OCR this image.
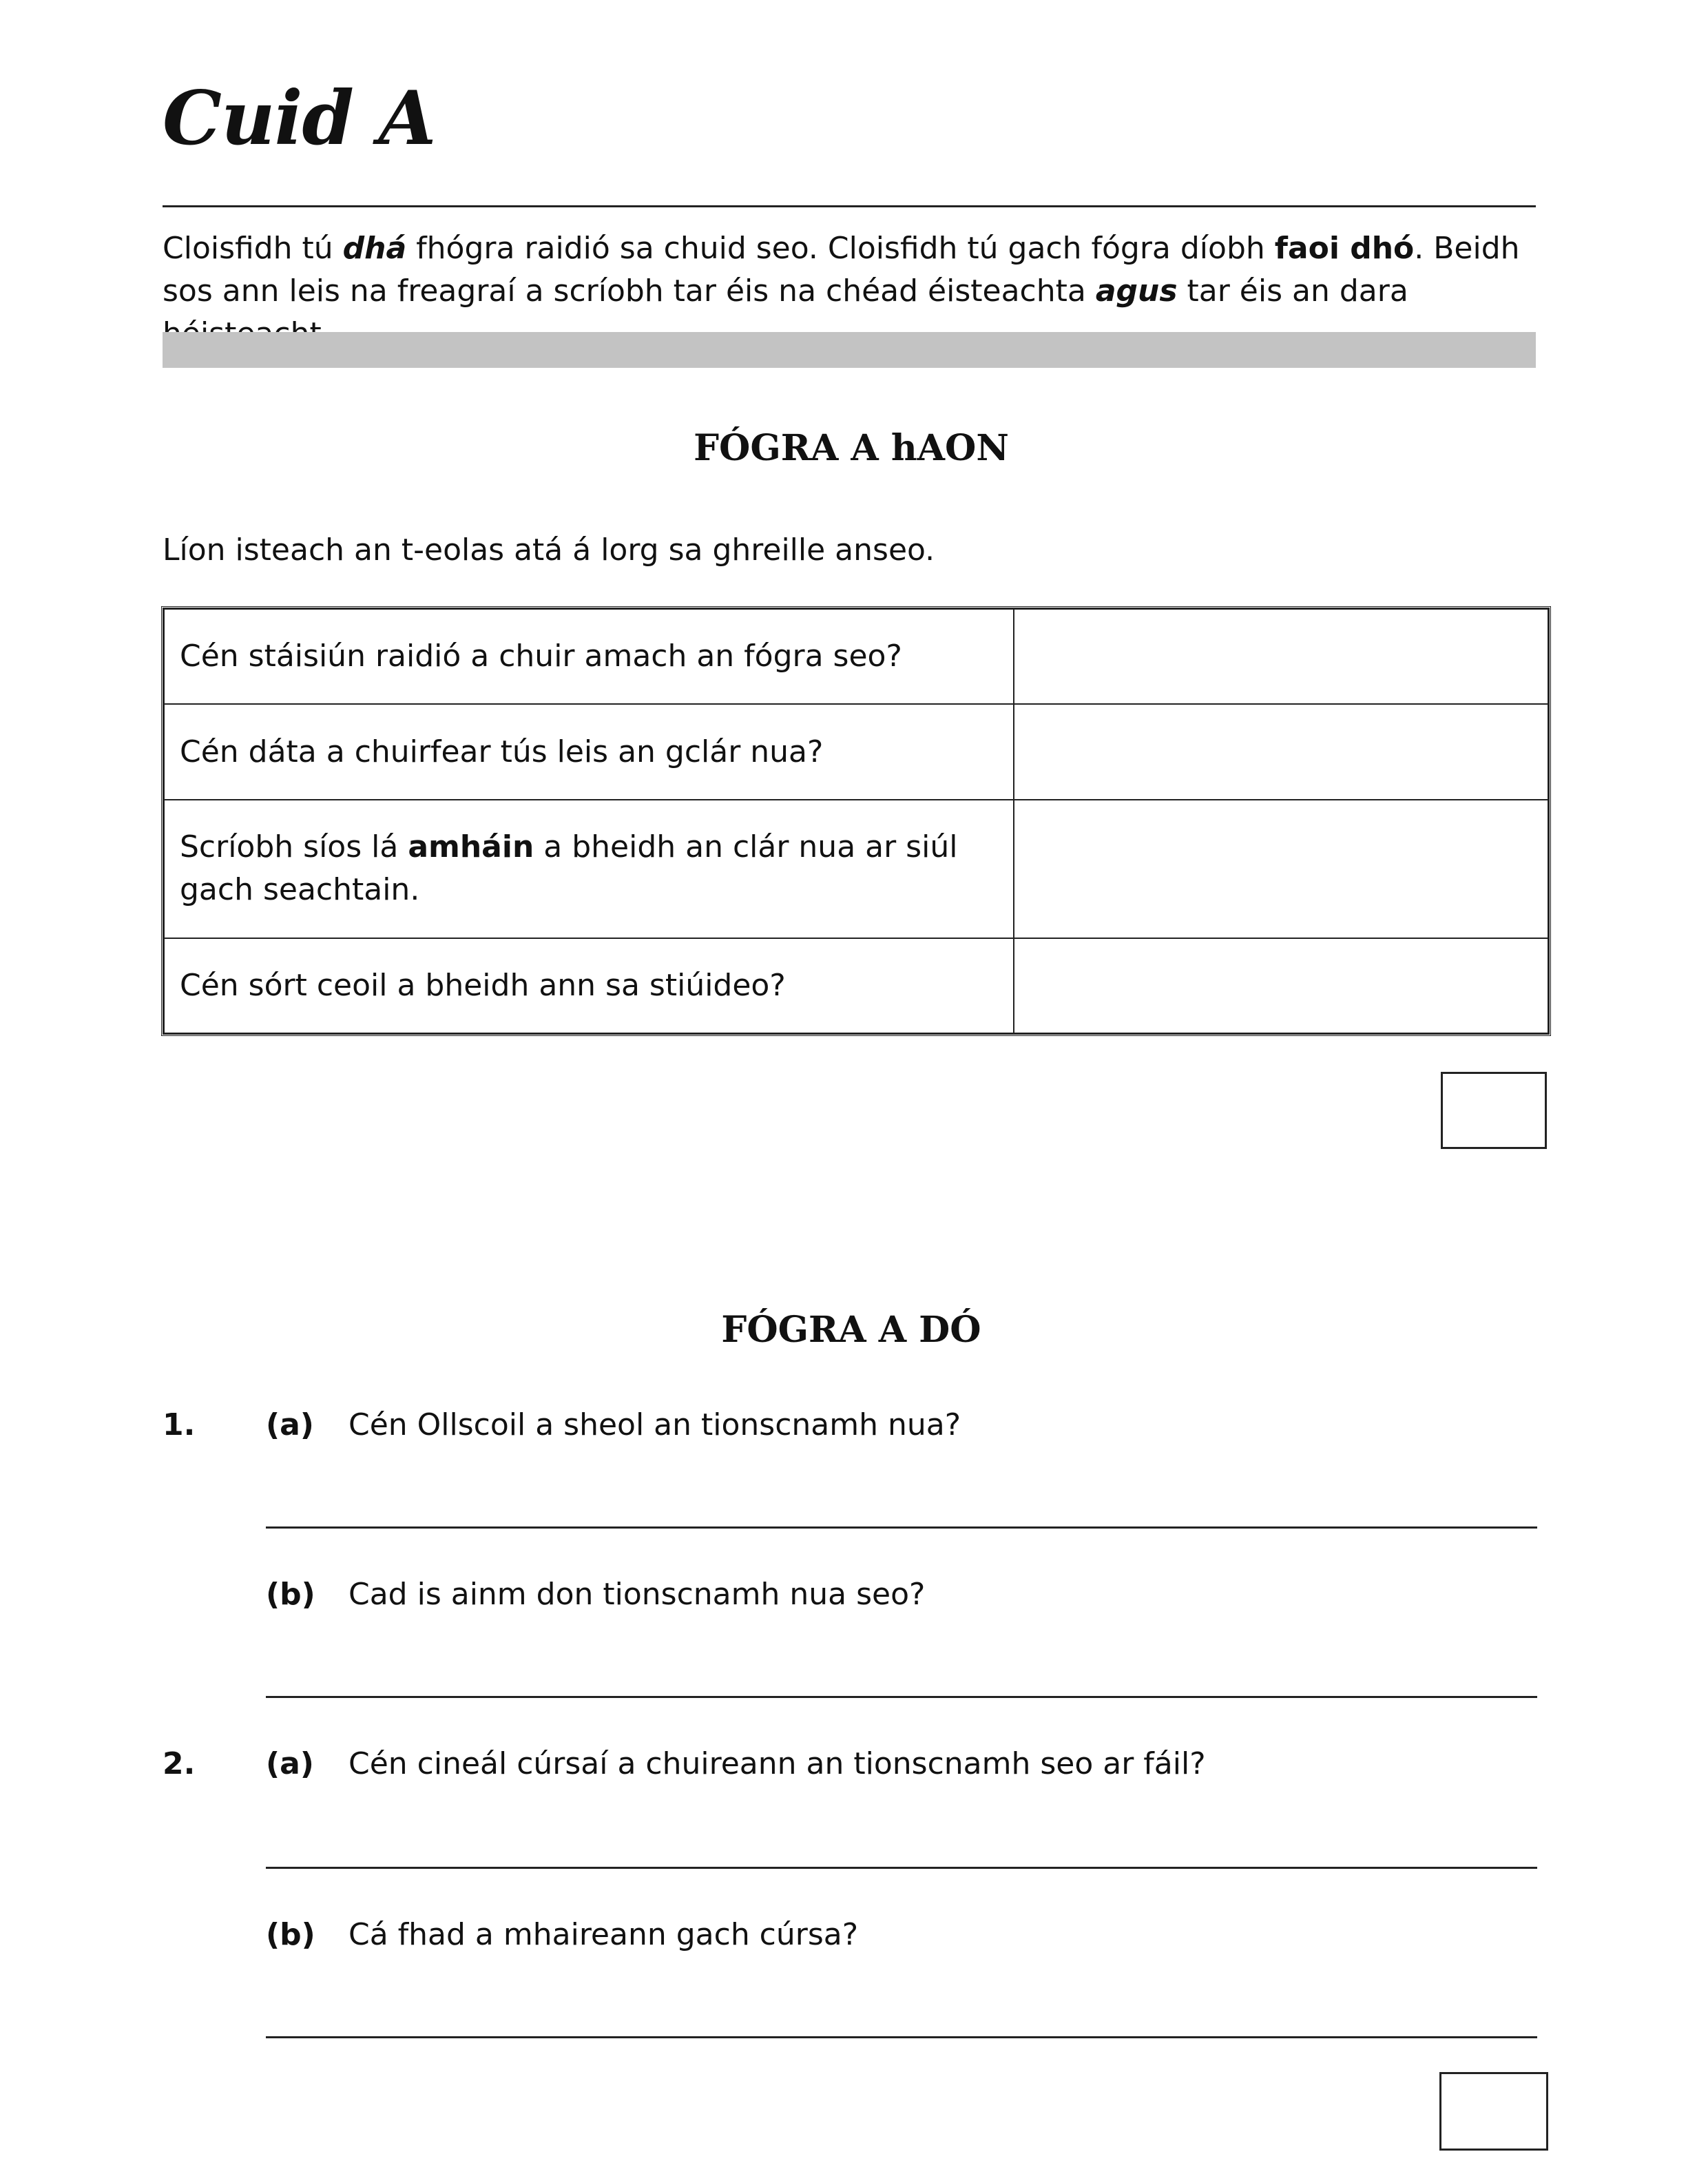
Cuid A
Cloisfidh tú dhá fhógra raidió sa chuid seo. Cloisfidh tú gach fógra díobh faoi dhó. Beidh sos ann leis na freagraí a scríobh tar éis na chéad éisteachta agus tar éis an dara
FÓGRA A hAON
Líon isteach an t-eolas atá á lorg sa ghreille anseo.
Cén stáisiún raidió a chuir amach an fógra seo?	
Cén dáta a chuirfear tús leis an gclár nua?	
Scríobh síos lá amháin a bheidh an clár nua ar siúl gach seachtain.	
Cén sórt ceoil a bheidh ann sa stiúideo?	
FÓGRA A DÓ
1. (a) Cén Ollscoil a sheol an tionscnamh nua?
(b) Cad is ainm don tionscnamh nua seo?
2. (a) Cén cineál cúrsaí a chuireann an tionscnamh seo ar fáil?
(b) Cá fhad a mhaireann gach cúrsa?
